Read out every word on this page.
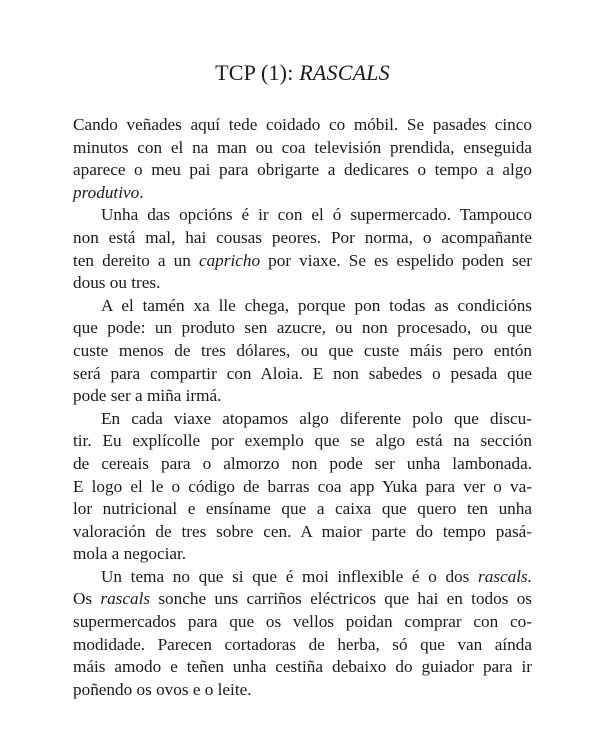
TCP (1): RASCALS

Cando veñades aquí tede coidado co móbil. Se pasades cinco
minutos con el na man ou coa televisión prendida, enseguida
aparece o meu pai para obrigarte a dedicares o tempo a algo
produtivo.

Unha das opcións é ir con el ó supermercado. Tampouco
non está mal, hai cousas peores. Por norma, o acompañante
ten dereito a un capricho por viaxe. Se es espelido poden ser
dous ou tres.

A el tamén xa lle chega, porque pon todas as condicións
que pode: un produto sen azucre, ou non procesado, ou que
custe menos de tres dólares, ou que custe máis pero entón
será para compartir con Aloia. E non sabedes o pesada que
pode ser a miña irmá.

En cada viaxe atopamos algo diferente polo que discu-
tir. Eu explícolle por exemplo que se algo está na sección
de cereais para o almorzo non pode ser unha lambonada.
E logo el le o código de barras coa app Yuka para ver o va-
lor nutricional e ensíname que a caixa que quero ten unha
valoración de tres sobre cen. A maior parte do tempo pasá-
mola a negociar.

Un tema no que si que é moi inflexible é o dos rascals.
Os rascals sonche uns carriños eléctricos que hai en todos os
supermercados para que os vellos poidan comprar con co-
modidade. Parecen cortadoras de herba, só que van aínda
máis amodo e teñen unha cestiña debaixo do guiador para ir
poñendo os ovos e o leite.
